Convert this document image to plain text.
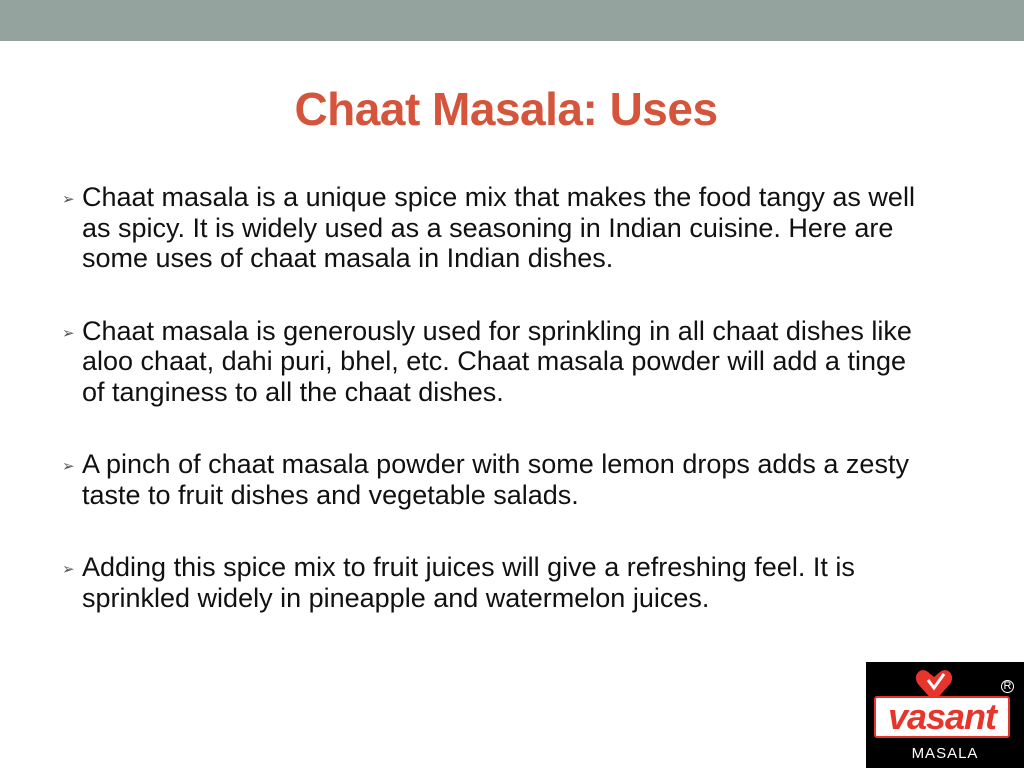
Chaat Masala: Uses
➢ Chaat masala is a unique spice mix that makes the food tangy as well as spicy. It is widely used as a seasoning in Indian cuisine. Here are some uses of chaat masala in Indian dishes.
➢ Chaat masala is generously used for sprinkling in all chaat dishes like aloo chaat, dahi puri, bhel, etc. Chaat masala powder will add a tinge of tanginess to all the chaat dishes.
➢ A pinch of chaat masala powder with some lemon drops adds a zesty taste to fruit dishes and vegetable salads.
➢ Adding this spice mix to fruit juices will give a refreshing feel. It is sprinkled widely in pineapple and watermelon juices.
R
vasant
MASALA
